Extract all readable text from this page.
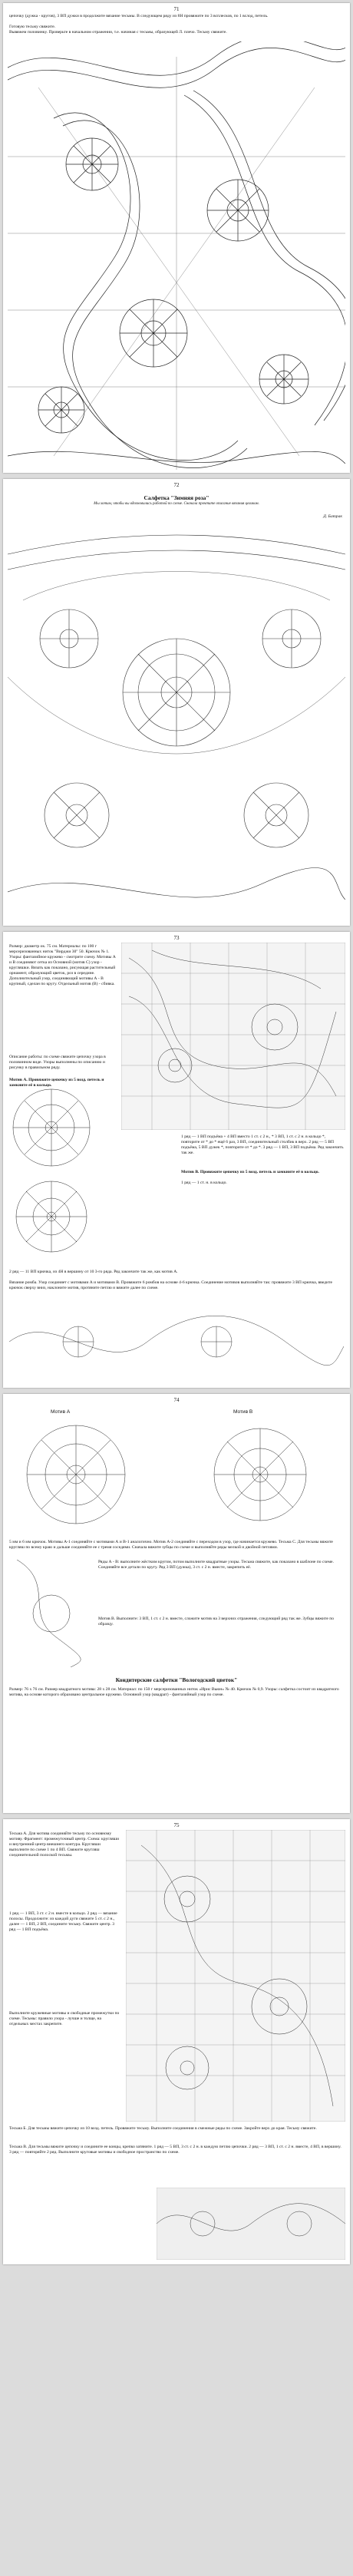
71
цепочку (дужка - кругов), 3 ВП дужки в продолжите вязание тесьмы. В следующем ряду из 8Н провяжите по 3 всплесков, по 1 вслод, петель.
Готовую тесьму свяжите.
Вывяжем половинку. Проверьте в начальном отражении, т.е. начиная с тесьмы, образующей Л. плечо. Тесьму свяжите.
72
Салфетка "Зимняя роза"
Мы хотим, чтобы вы вдохновились работой по схеме. Сначала прочтите описание вязания целиком.
Д. Батрак
73
Размер: диаметр ок. 75 см. Материалы: по 100 г мерсеризованных ниток "Вирджи 30" 50. Крючок № 1. Узоры: фантазийное кружево - смотрите схему. Мотивы А и В соединяют сетка из Основной (мотив С) узор - кругляшки. Вязать как показано, рисующая растительный орнамент, образующий цветок, роз в середине. Дополнительный узор, соединяющий мотивы А - В крупный, сделан по кругу. Отдельный мотив (В) - сбивка.
Описание работы: по схеме свяжите цепочку узора в половинном виде. Узоры выполнены по описанию и рисунку в правильном ряду.
Мотив А. Провяжите цепочку из 5 возд. петель и замкните её в кольцо.
1 ряд — 1 ВП подъёма + 4 ВП вместо 1 ст. с 2 н., * 3 ВП, 1 ст. с 2 н. в кольцо *, повторите от * до * ещё 6 раз, 3 ВП, соединительный столбик в верх. 2 ряд — 5 ВП подъёма, 5 ВП дужек *, повторите от * до *. 3 ряд — 1 ВП, 3 ВП подъёма. Ряд закончить так же.
Мотив В. Провяжите цепочку из 5 возд. петель и замкните её в кольцо.
1 ряд — 1 ст. н. в кольцо.
2 ряд — 11 ВП крючка, из 4Н в вершину от 10 3-го ряда. Ряд закончите так же, как мотив А.
Вязание ромба. Узор соединяет с мотивами А и мотивами В. Провяжите 6 ромбов на основе 4-6 крючка. Соединение мотивов выполняйте так: провяжите 3 ВП крючка, введите крючок сверху вниз, наклоните мотив, протяните петлю и вяжите далее по схеме.
74
Мотив А	Мотив В
5 мм и 6 мм крючок. Мотивы А-1 соединяйте с мотивами А и В-1 аналогично. Мотив А-2 соединяйте с переходом в узор, где начинается кружево. Тесьма С. Для тесьмы вяжите кругляш по всему краю и дальше соединяйте ее с тремя соседями. Сначала вяжите зубцы по схеме и выполняйте ряды мелкой и двойной петлями.
Ряды А - В: выполните жёстким кругом, потом выполните квадратные узоры. Тесьма свяжите, как показано в шаблоне по схеме. Соединяйте все детали по кругу. Ряд 3 ВП (дужка), 3 ст. с 2 н. вместе, закрепить её.
Мотив В. Выполните: 3 ВП, 1 ст. с 2 н. вместе, сложите мотив на 3 верхних отражения, следующий ряд так же. Зубцы вяжите по образцу.
Кондитерские салфетки "Вологодский цветок"
Размер: 76 х 76 см. Размер квадратного мотива: 28 х 28 см. Материал: по 150 г мерсеризованных ниток «Ирис Вьюн» № 40. Крючок № 0,9. Узоры: салфетка состоит из квадратного мотива, на основе которого образовано центральное кружево. Основной узор (квадрат) - фантазийный узор по схеме.
75
Тесьма А. Для мотива соединяйте тесьму по основному мотиву. Фрагмент: промежуточный центр. Схема: кругляши и внутренний центр внешнего контура. Кругляши выполните по схеме 1 по 4 ВП. Свяжите кругляш соединительной полоской тесьмы.
1 ряд — 1 ВП, 3 ст. с 2 н. вместе в кольцо. 2 ряд — вязание полосы. Продолжите: из каждой дуги свяжите 5 ст. с 2 н., далее — 1 ВП, 2 ВП, соедините тесьму. Свяжите центр. 3 ряд — 1 ВП подъёма.
Выполните кружевные мотивы и свободные промежутки по схеме. Тесьмы: правило узора - лучше и толще, на отдельных местах закрепите.
Тесьма Б. Для тесьмы вяжите цепочку из 10 возд. петель. Провяжите тесьму. Выполните соединения в смежные ряды по схеме. Закройте верх до края. Тесьму свяжите.
Тесьма В. Для тесьмы вяжите цепочку и соедините ее концы, крепко затяните. 1 ряд — 5 ВП, 3 ст. с 2 н. в каждую петлю цепочки. 2 ряд — 3 ВП, 1 ст. с 2 н. вместе, 4 ВП, в вершину. 3 ряд — повторяйте 2 ряд. Выполните круговые мотивы и свободное пространство по схеме.
